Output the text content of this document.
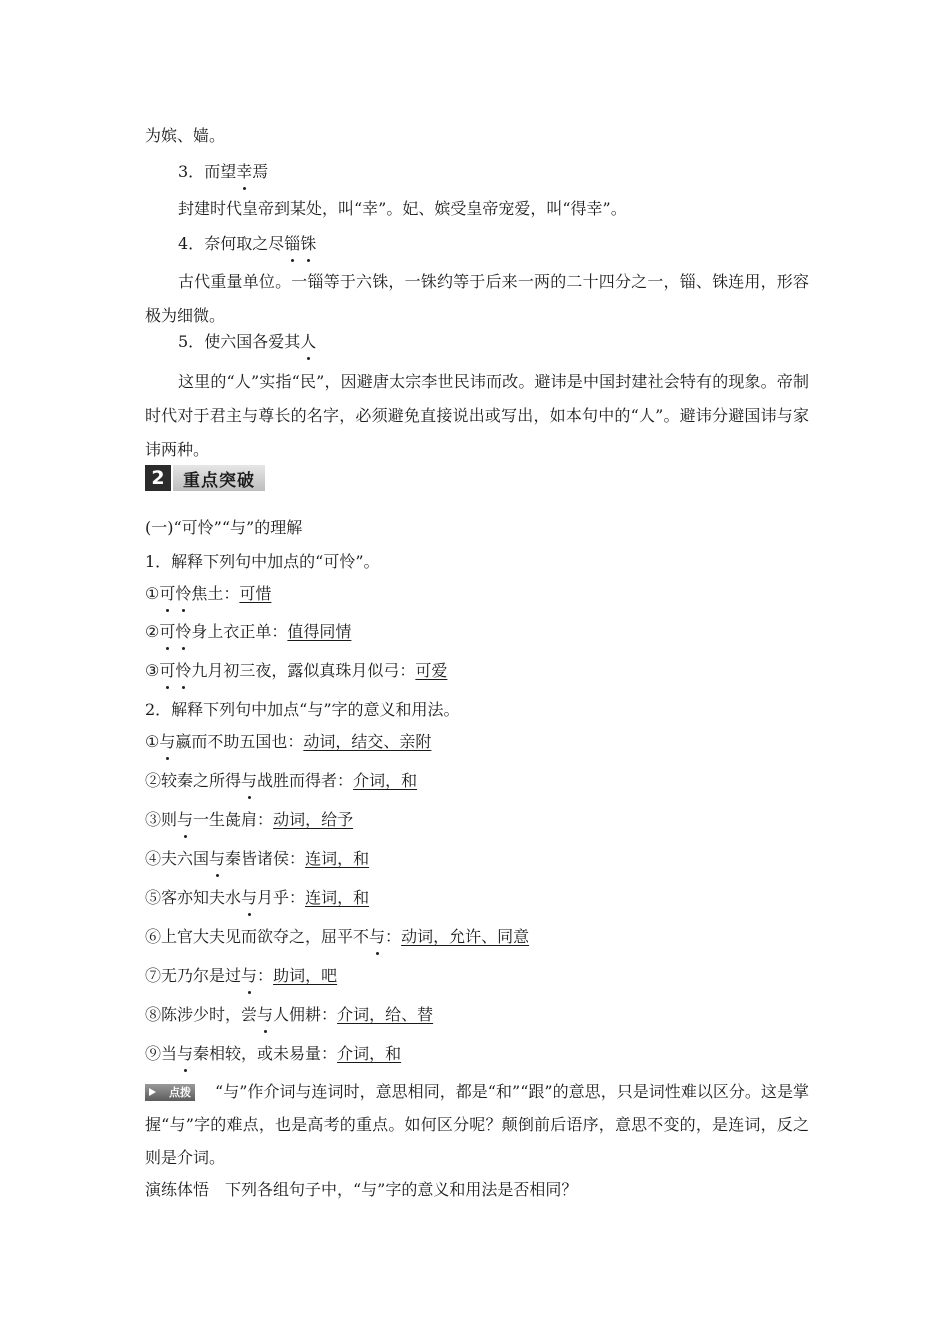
为嫔、嫱。
3．而望幸焉
封建时代皇帝到某处，叫“幸”。妃、嫔受皇帝宠爱，叫“得幸”。
4．奈何取之尽锱铢
古代重量单位。一锱等于六铢，一铢约等于后来一两的二十四分之一，锱、铢连用，形容极为细微。
5．使六国各爱其人
这里的“人”实指“民”，因避唐太宗李世民讳而改。避讳是中国封建社会特有的现象。帝制时代对于君主与尊长的名字，必须避免直接说出或写出，如本句中的“人”。避讳分避国讳与家讳两种。
2	重点突破
(一)“可怜”“与”的理解
1．解释下列句中加点的“可怜”。
①可怜焦土：可惜
②可怜身上衣正单：值得同情
③可怜九月初三夜，露似真珠月似弓：可爱
2．解释下列句中加点“与”字的意义和用法。
①与嬴而不助五国也：动词，结交、亲附
②较秦之所得与战胜而得者：介词，和
③则与一生彘肩：动词，给予
④夫六国与秦皆诸侯：连词，和
⑤客亦知夫水与月乎：连词，和
⑥上官大夫见而欲夺之，屈平不与：动词，允许、同意
⑦无乃尔是过与：助词，吧
⑧陈涉少时，尝与人佣耕：介词，给、替
⑨当与秦相较，或未易量：介词，和
点拨 “与”作介词与连词时，意思相同，都是“和”“跟”的意思，只是词性难以区分。这是掌握“与”字的难点，也是高考的重点。如何区分呢？颠倒前后语序，意思不变的，是连词，反之则是介词。
演练体悟　下列各组句子中，“与”字的意义和用法是否相同？
